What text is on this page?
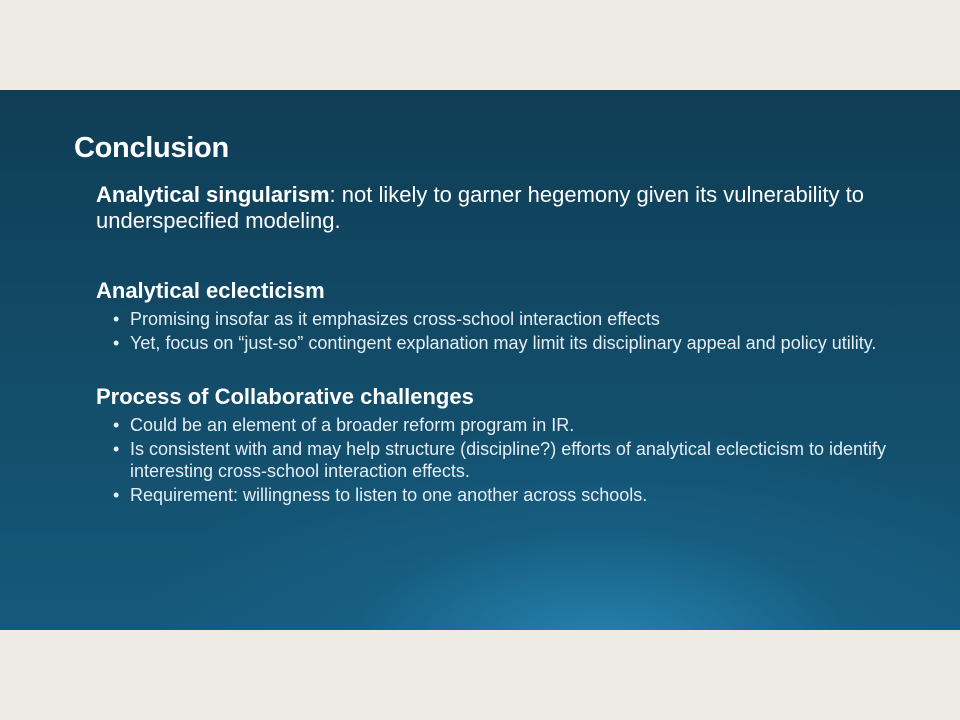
Conclusion

Analytical singularism: not likely to garner hegemony given its vulnerability to underspecified modeling.

Analytical eclecticism

• Promising insofar as it emphasizes cross-school interaction effects
• Yet, focus on “just-so” contingent explanation may limit its disciplinary appeal and policy utility.

Process of Collaborative challenges

• Could be an element of a broader reform program in IR.
• Is consistent with and may help structure (discipline?) efforts of analytical eclecticism to identify interesting cross-school interaction effects.
• Requirement: willingness to listen to one another across schools.
